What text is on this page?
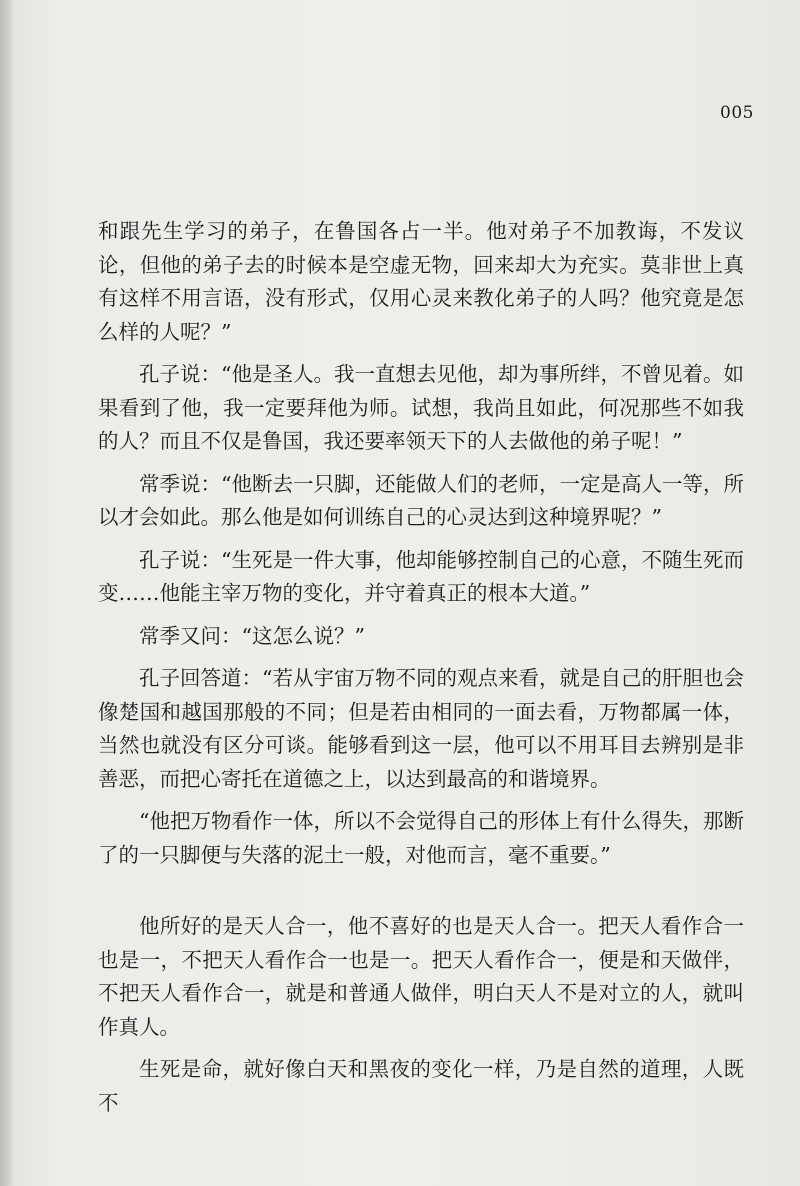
005

和跟先生学习的弟子，在鲁国各占一半。他对弟子不加教诲，不发议论，但他的弟子去的时候本是空虚无物，回来却大为充实。莫非世上真有这样不用言语，没有形式，仅用心灵来教化弟子的人吗？他究竟是怎么样的人呢？”

孔子说：“他是圣人。我一直想去见他，却为事所绊，不曾见着。如果看到了他，我一定要拜他为师。试想，我尚且如此，何况那些不如我的人？而且不仅是鲁国，我还要率领天下的人去做他的弟子呢！”

常季说：“他断去一只脚，还能做人们的老师，一定是高人一等，所以才会如此。那么他是如何训练自己的心灵达到这种境界呢？”

孔子说：“生死是一件大事，他却能够控制自己的心意，不随生死而变……他能主宰万物的变化，并守着真正的根本大道。”

常季又问：“这怎么说？”

孔子回答道：“若从宇宙万物不同的观点来看，就是自己的肝胆也会像楚国和越国那般的不同；但是若由相同的一面去看，万物都属一体，当然也就没有区分可谈。能够看到这一层，他可以不用耳目去辨别是非善恶，而把心寄托在道德之上，以达到最高的和谐境界。

“他把万物看作一体，所以不会觉得自己的形体上有什么得失，那断了的一只脚便与失落的泥土一般，对他而言，毫不重要。”

他所好的是天人合一，他不喜好的也是天人合一。把天人看作合一也是一，不把天人看作合一也是一。把天人看作合一，便是和天做伴，不把天人看作合一，就是和普通人做伴，明白天人不是对立的人，就叫作真人。

生死是命，就好像白天和黑夜的变化一样，乃是自然的道理，人既不
